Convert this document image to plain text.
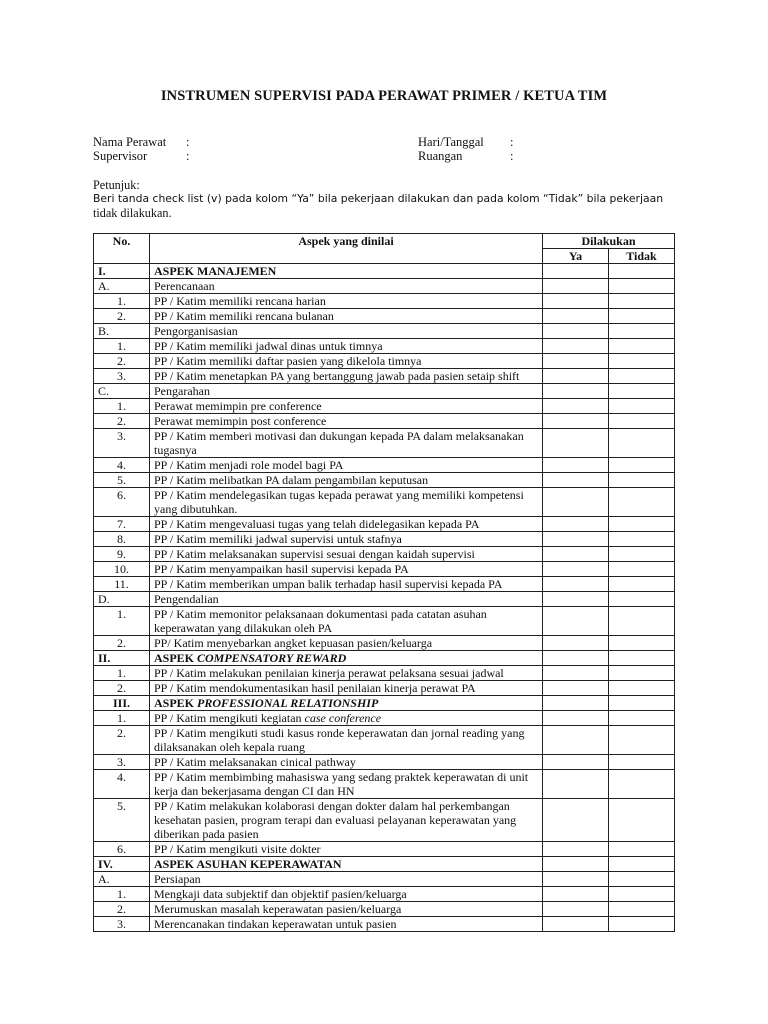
INSTRUMEN SUPERVISI PADA PERAWAT PRIMER / KETUA TIM
Nama Perawat :
Supervisor	:
Hari/Tanggal :
Ruangan	:
Petunjuk:
Beri tanda check list (v) pada kolom “Ya” bila pekerjaan dilakukan dan pada kolom “Tidak” bila pekerjaan
tidak dilakukan.
No.	Aspek yang dinilai	Dilakukan	
		Ya	Tidak
I.	ASPEK MANAJEMEN		
A.	Perencanaan		
1.	PP / Katim memiliki rencana harian		
2.	PP / Katim memiliki rencana bulanan		
B.	Pengorganisasian		
1.	PP / Katim memiliki jadwal dinas untuk timnya		
2.	PP / Katim memiliki daftar pasien yang dikelola timnya		
3.	PP / Katim menetapkan PA yang bertanggung jawab pada pasien setaip shift		
C.	Pengarahan		
1.	Perawat memimpin pre conference		
2.	Perawat memimpin post conference		
3.	PP / Katim memberi motivasi dan dukungan kepada PA dalam melaksanakan tugasnya		
4.	PP / Katim menjadi role model bagi PA		
5.	PP / Katim melibatkan PA dalam pengambilan keputusan		
6.	PP / Katim mendelegasikan tugas kepada perawat yang memiliki kompetensi yang dibutuhkan.		
7.	PP / Katim mengevaluasi tugas yang telah didelegasikan kepada PA		
8.	PP / Katim memiliki jadwal supervisi untuk stafnya		
9.	PP / Katim melaksanakan supervisi sesuai dengan kaidah supervisi		
10.	PP / Katim menyampaikan hasil supervisi kepada PA		
11.	PP / Katim memberikan umpan balik terhadap hasil supervisi kepada PA		
D.	Pengendalian		
1.	PP / Katim memonitor pelaksanaan dokumentasi pada catatan asuhan keperawatan yang dilakukan oleh PA		
2.	PP/ Katim menyebarkan angket kepuasan pasien/keluarga		
II.	ASPEK COMPENSATORY REWARD		
1.	PP / Katim melakukan penilaian kinerja perawat pelaksana sesuai jadwal		
2.	PP / Katim mendokumentasikan hasil penilaian kinerja perawat PA		
III.	ASPEK PROFESSIONAL RELATIONSHIP		
1.	PP / Katim mengikuti kegiatan case conference		
2.	PP / Katim mengikuti studi kasus ronde keperawatan dan jornal reading yang dilaksanakan oleh kepala ruang		
3.	PP / Katim melaksanakan cinical pathway		
4.	PP / Katim membimbing mahasiswa yang sedang praktek keperawatan di unit kerja dan bekerjasama dengan CI dan HN		
5.	PP / Katim melakukan kolaborasi dengan dokter dalam hal perkembangan kesehatan pasien, program terapi dan evaluasi pelayanan keperawatan yang diberikan pada pasien		
6.	PP / Katim mengikuti visite dokter		
IV.	ASPEK ASUHAN KEPERAWATAN		
A.	Persiapan		
1.	Mengkaji data subjektif dan objektif pasien/keluarga		
2.	Merumuskan masalah keperawatan pasien/keluarga		
3.	Merencanakan tindakan keperawatan untuk pasien		
